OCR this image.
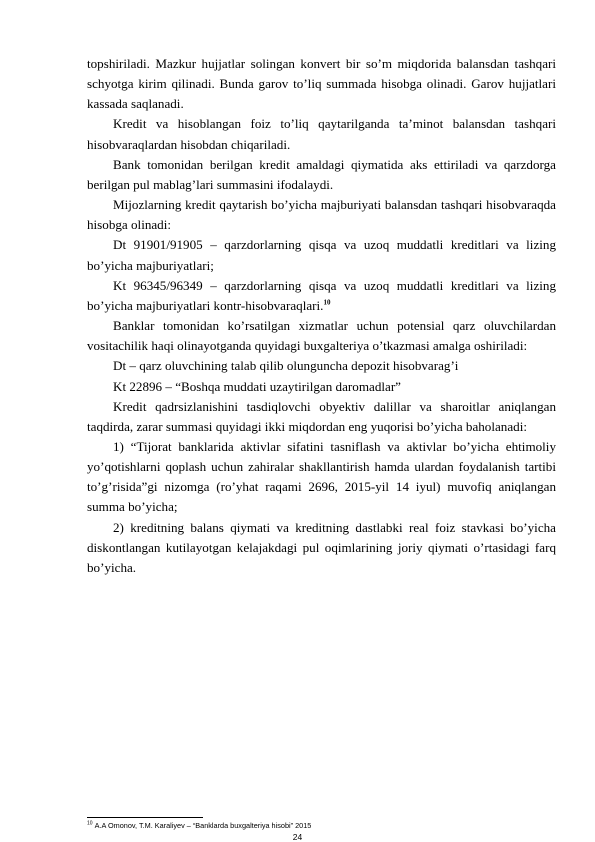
topshiriladi. Mazkur hujjatlar solingan konvert bir so’m miqdorida balansdan tashqari schyotga kirim qilinadi. Bunda garov to’liq summada hisobga olinadi. Garov hujjatlari kassada saqlanadi.

Kredit va hisoblangan foiz to’liq qaytarilganda ta’minot balansdan tashqari hisobvaraqlardan hisobdan chiqariladi.

Bank tomonidan berilgan kredit amaldagi qiymatida aks ettiriladi va qarzdorga berilgan pul mablag’lari summasini ifodalaydi.

Mijozlarning kredit qaytarish bo’yicha majburiyati balansdan tashqari hisobvaraqda hisobga olinadi:

Dt 91901/91905 – qarzdorlarning qisqa va uzoq muddatli kreditlari va lizing bo’yicha majburiyatlari;

Kt 96345/96349 – qarzdorlarning qisqa va uzoq muddatli kreditlari va lizing bo’yicha majburiyatlari kontr-hisobvaraqlari.$^{10}$

Banklar tomonidan ko’rsatilgan xizmatlar uchun potensial qarz oluvchilardan vositachilik haqi olinayotganda quyidagi buxgalteriya o’tkazmasi amalga oshiriladi:

Dt – qarz oluvchining talab qilib olunguncha depozit hisobvarag’i

Kt 22896 – “Boshqa muddati uzaytirilgan daromadlar”

Kredit qadrsizlanishini tasdiqlovchi obyektiv dalillar va sharoitlar aniqlangan taqdirda, zarar summasi quyidagi ikki miqdordan eng yuqorisi bo’yicha baholanadi:

1) “Tijorat banklarida aktivlar sifatini tasniflash va aktivlar bo’yicha ehtimoliy yo’qotishlarni qoplash uchun zahiralar shakllantirish hamda ulardan foydalanish tartibi to’g’risida”gi nizomga (ro’yhat raqami 2696, 2015-yil 14 iyul) muvofiq aniqlangan summa bo’yicha;

2) kreditning balans qiymati va kreditning dastlabki real foiz stavkasi bo’yicha diskontlangan kutilayotgan kelajakdagi pul oqimlarining joriy qiymati o’rtasidagi farq bo’yicha.

$^{10}$ A.A Omonov, T.M. Karaliyev – “Banklarda buxgalteriya hisobi” 2015
24
